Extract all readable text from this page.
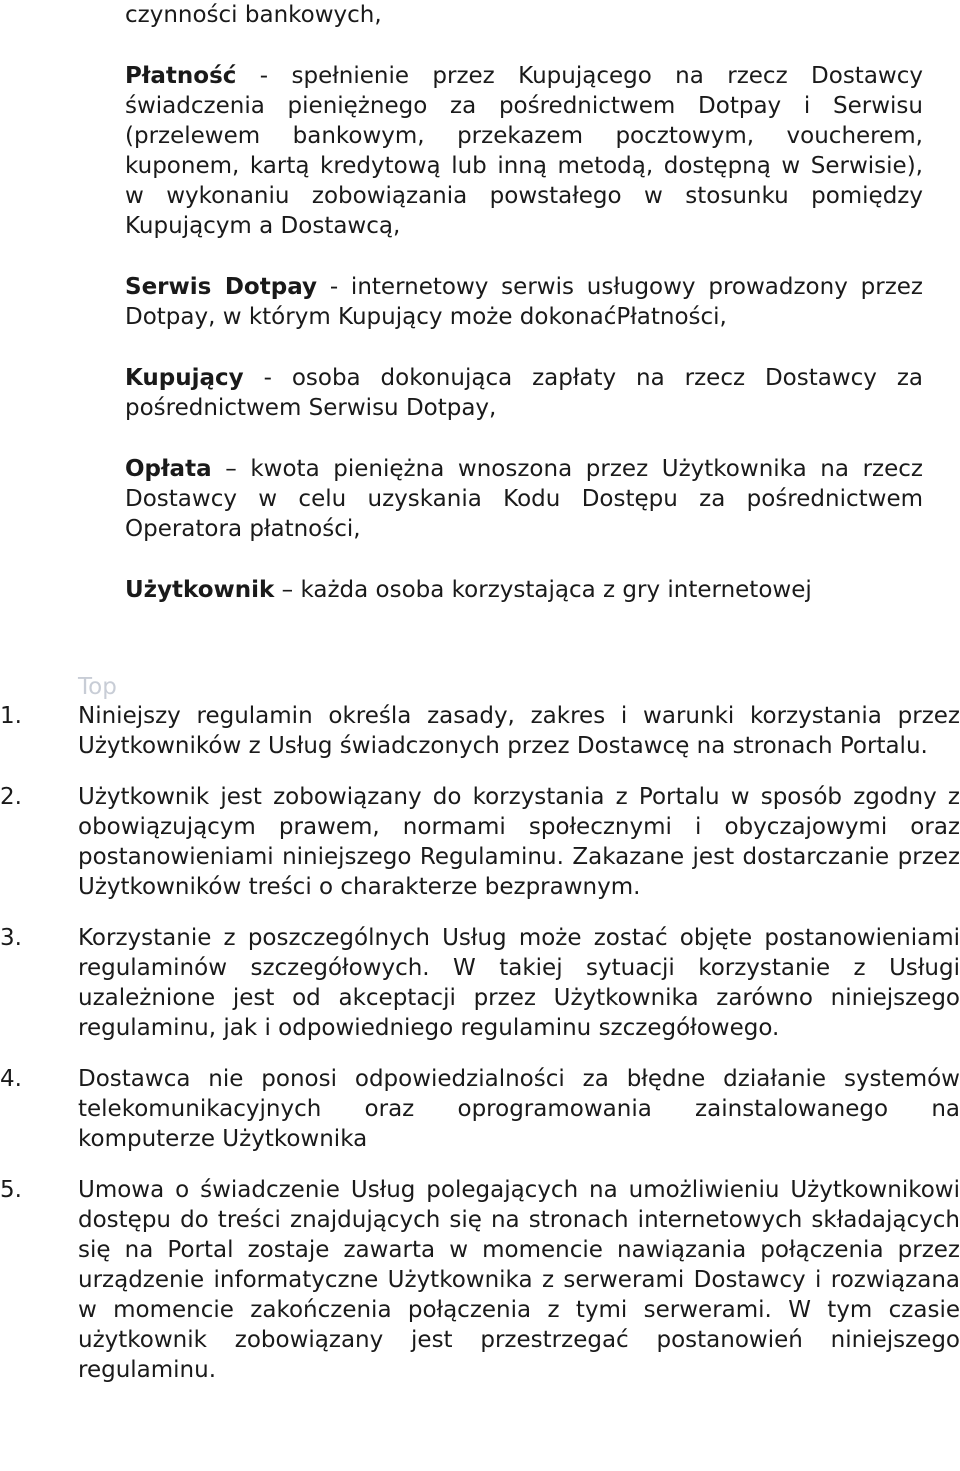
czynności bankowych,

Płatność - spełnienie przez Kupującego na rzecz Dostawcy świadczenia pieniężnego za pośrednictwem Dotpay i Serwisu (przelewem bankowym, przekazem pocztowym, voucherem, kuponem, kartą kredytową lub inną metodą, dostępną w Serwisie), w wykonaniu zobowiązania powstałego w stosunku pomiędzy Kupującym a Dostawcą,

Serwis Dotpay - internetowy serwis usługowy prowadzony przez Dotpay, w którym Kupujący może dokonaćPłatności,

Kupujący - osoba dokonująca zapłaty na rzecz Dostawcy za pośrednictwem Serwisu Dotpay,

Opłata – kwota pieniężna wnoszona przez Użytkownika na rzecz Dostawcy w celu uzyskania Kodu Dostępu za pośrednictwem Operatora płatności,

Użytkownik – każda osoba korzystająca z gry internetowej

Top
1. Niniejszy regulamin określa zasady, zakres i warunki korzystania przez Użytkowników z Usług świadczonych przez Dostawcę na stronach Portalu.
2. Użytkownik jest zobowiązany do korzystania z Portalu w sposób zgodny z obowiązującym prawem, normami społecznymi i obyczajowymi oraz postanowieniami niniejszego Regulaminu. Zakazane jest dostarczanie przez Użytkowników treści o charakterze bezprawnym.
3. Korzystanie z poszczególnych Usług może zostać objęte postanowieniami regulaminów szczegółowych. W takiej sytuacji korzystanie z Usługi uzależnione jest od akceptacji przez Użytkownika zarówno niniejszego regulaminu, jak i odpowiedniego regulaminu szczegółowego.
4. Dostawca nie ponosi odpowiedzialności za błędne działanie systemów telekomunikacyjnych oraz oprogramowania zainstalowanego na komputerze Użytkownika
5. Umowa o świadczenie Usług polegających na umożliwieniu Użytkownikowi dostępu do treści znajdujących się na stronach internetowych składających się na Portal zostaje zawarta w momencie nawiązania połączenia przez urządzenie informatyczne Użytkownika z serwerami Dostawcy i rozwiązana w momencie zakończenia połączenia z tymi serwerami. W tym czasie użytkownik zobowiązany jest przestrzegać postanowień niniejszego regulaminu.
